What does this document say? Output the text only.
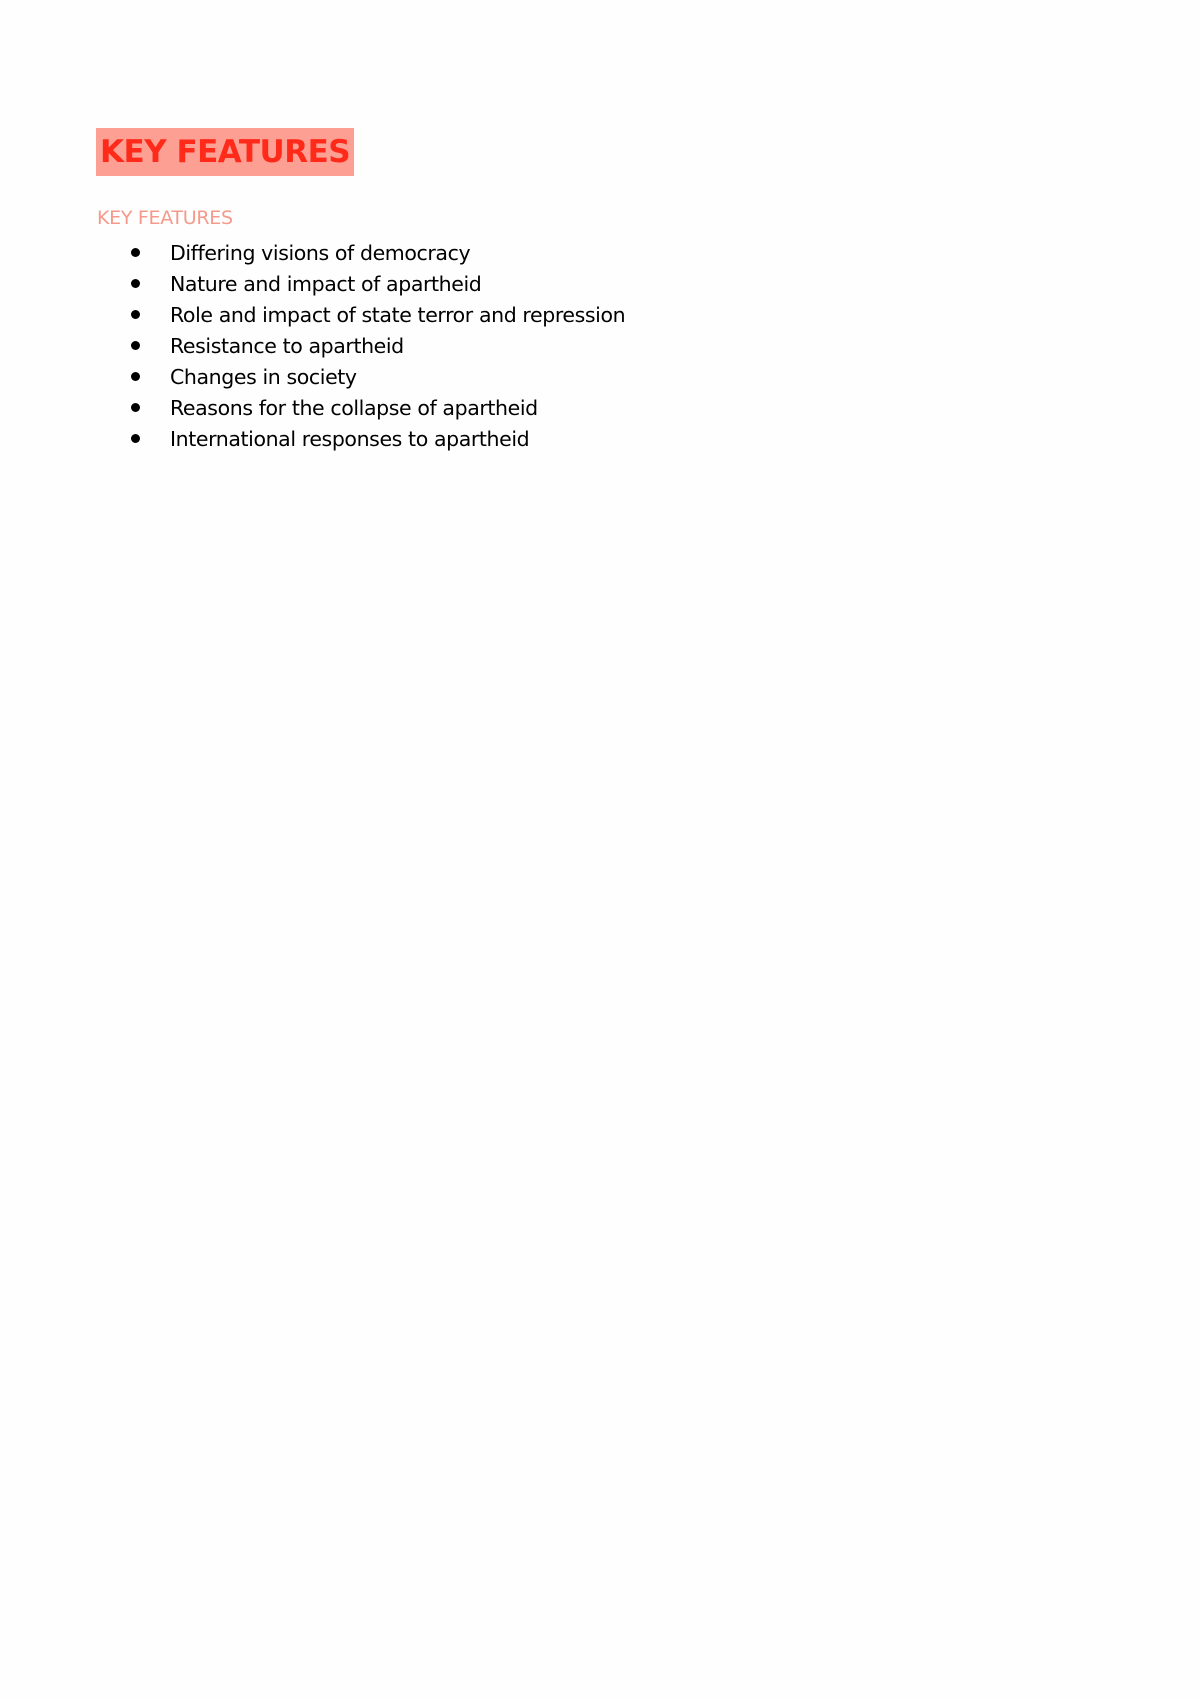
KEY FEATURES
KEY FEATURES
Differing visions of democracy
Nature and impact of apartheid
Role and impact of state terror and repression
Resistance to apartheid
Changes in society
Reasons for the collapse of apartheid
International responses to apartheid
